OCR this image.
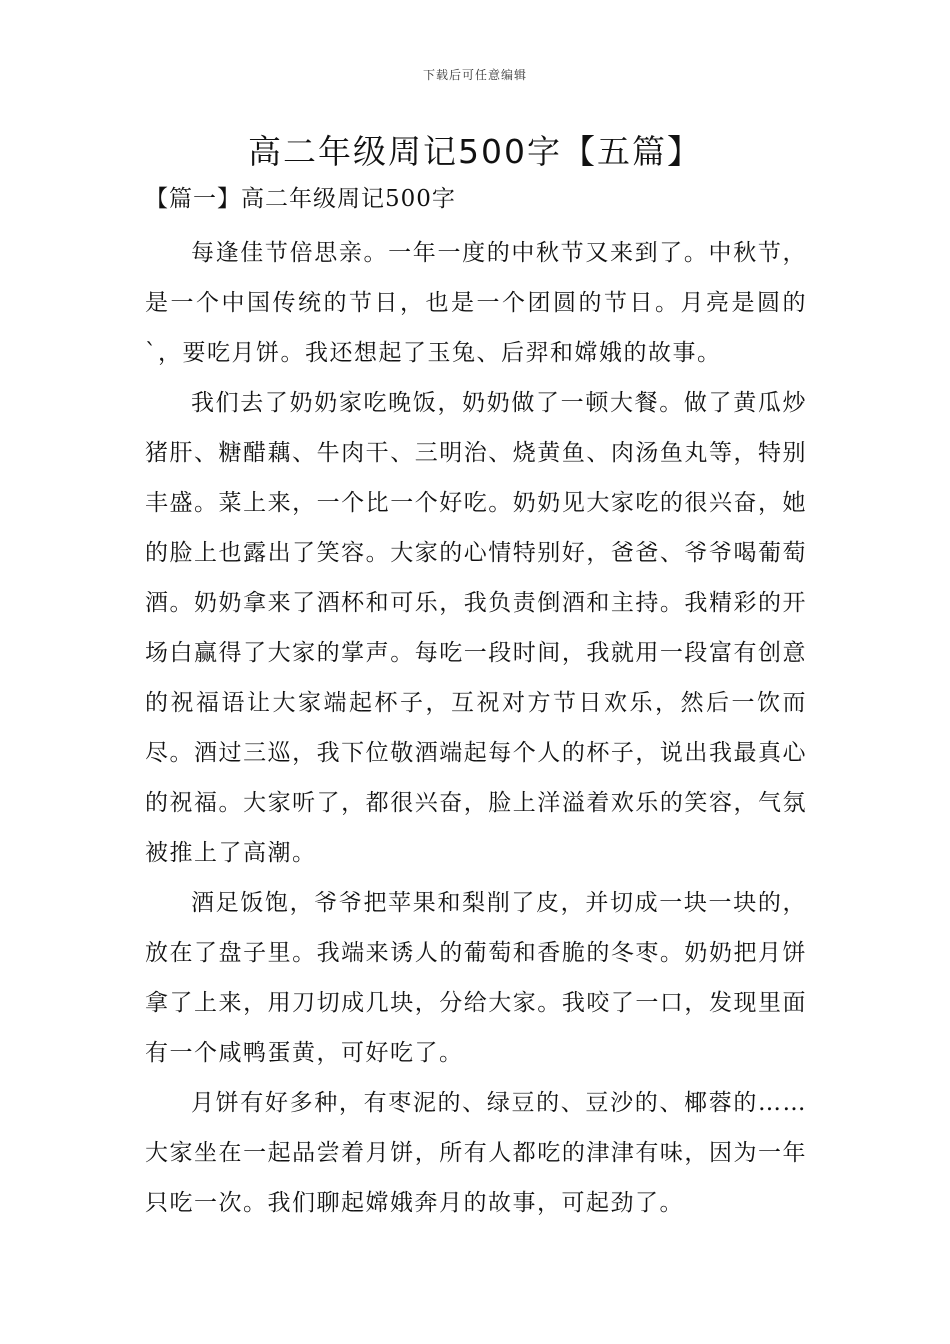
下载后可任意编辑
高二年级周记500字【五篇】
【篇一】高二年级周记500字

每逢佳节倍思亲。一年一度的中秋节又来到了。中秋节，是一个中国传统的节日，也是一个团圆的节日。月亮是圆的`，要吃月饼。我还想起了玉兔、后羿和嫦娥的故事。

我们去了奶奶家吃晚饭，奶奶做了一顿大餐。做了黄瓜炒猪肝、糖醋藕、牛肉干、三明治、烧黄鱼、肉汤鱼丸等，特别丰盛。菜上来，一个比一个好吃。奶奶见大家吃的很兴奋，她的脸上也露出了笑容。大家的心情特别好，爸爸、爷爷喝葡萄酒。奶奶拿来了酒杯和可乐，我负责倒酒和主持。我精彩的开场白赢得了大家的掌声。每吃一段时间，我就用一段富有创意的祝福语让大家端起杯子，互祝对方节日欢乐，然后一饮而尽。酒过三巡，我下位敬酒端起每个人的杯子，说出我最真心的祝福。大家听了，都很兴奋，脸上洋溢着欢乐的笑容，气氛被推上了高潮。

酒足饭饱，爷爷把苹果和梨削了皮，并切成一块一块的，放在了盘子里。我端来诱人的葡萄和香脆的冬枣。奶奶把月饼拿了上来，用刀切成几块，分给大家。我咬了一口，发现里面有一个咸鸭蛋黄，可好吃了。

月饼有好多种，有枣泥的、绿豆的、豆沙的、椰蓉的……大家坐在一起品尝着月饼，所有人都吃的津津有味，因为一年只吃一次。我们聊起嫦娥奔月的故事，可起劲了。
